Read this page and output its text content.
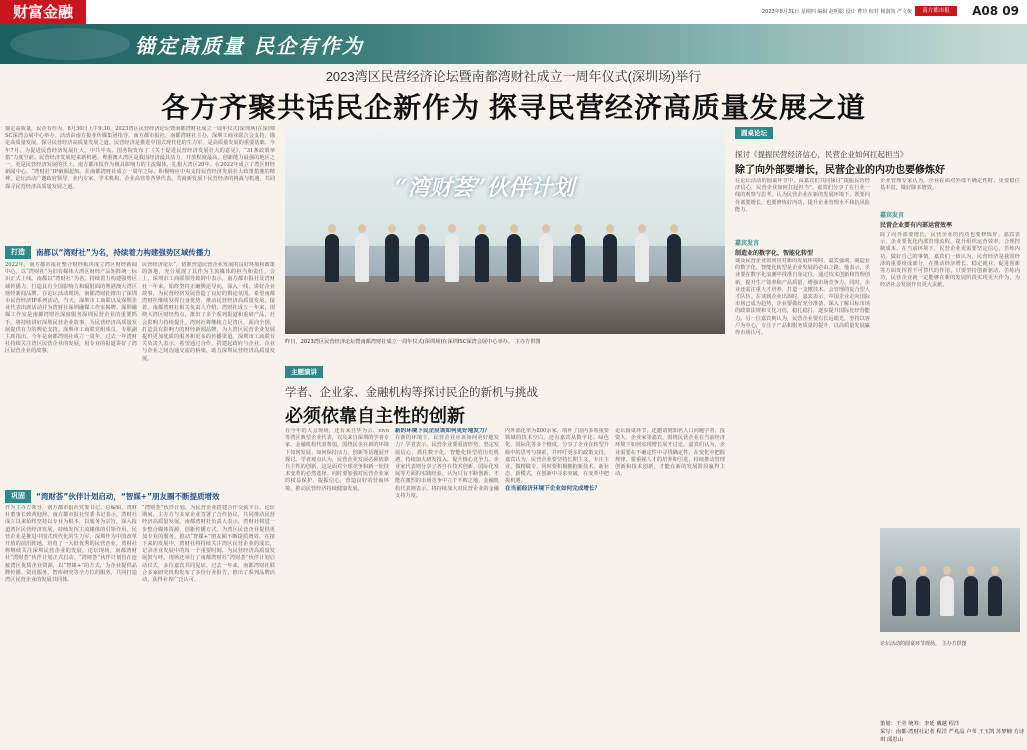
财富金融	2023年8月31日 星期四 编辑 赵明聪 设计 曹玲 校对 杨润凯 严文俊	南方都市报	A08 09
锚定高质量 民企有作为
2023湾区民营经济论坛暨南都湾财社成立一周年仪式(深圳场)举行
各方齐聚共话民企新作为 探寻民营经济高质量发展之道
锚定高质量，民企有作为。8月30日上午9:30，2023湾区民营经济论坛暨南都湾财社成立一周年仪式(深圳场)在深圳ISC深湾会展中心举办。活动由南方报业传媒集团指导，南方都市报社、南都湾财社主办，深圳工商业联合会支持，锚定高质量发展，探寻民营经济高质量发展之道。民营经济是推进中国式现代化的生力军，是高质量发展的重要基础。今年7月，为促进民营经济发展壮大，中共中央、国务院发布了《关于促进民营经济发展壮大的意见》，“31条政策举措”力度空前。民营经济发展迎来新机遇。粤港澳大湾区是我国经济最具活力、开放程度最高、创新能力最强的地区之一，更是民营经济发展的沃土。南方都市报作为极具影响力的主流媒体，扎根大湾区20年。在2022年成立了湾区财经新闻中心，“湾财社”IP破圈起航。在南都湾财社成立一周年之际，积极响应中央支持民营经济发展壮大政策措施的精神，论坛活动广邀政府领导、业内专家、学术机构、企业高管等各界代表，共商新发展下民营经济的挑战与机遇，共同探寻民营经济高质量发展之道。
打造	南都以“湾财社”为名，持续着力构建强势区域传播力
2022年，南方都市报社整合财经板块成立湾区财经新闻中心，以“湾财社”为旧有媒体大湾区财经产品矩阵统一标识正式上线。南都以“湾财社”为名，持续着力构建强势区域传播力，打造具有全国影响力和辐射面的粤港澳大湾区财经新闻品牌。在论坛活动现场，南都湾财社推出了深圳市民营经济IP系列活动。当天，深圳市工商联以及深圳企业代表出席活动并为湾财社深圳融媒工作室揭牌。深圳融媒工作室是南都湾财社深度服务深圳民营企业的重要抓手，将持续讲好深圳民营企业故事，为民营经济高质量发展提供有力的舆论支持。深圳市工商联党组成员、专职副主席指出，今年是南都湾财社成立一周年，过去一年湾财社持续关注湾区民营企业的发展，用专业的报道讲好了湾区民营企业的故事。
民营经济论坛”，切准营造民营企业发展的良好环境和政策的落地，充分展现了其作为主流媒体的担当和责任。会上，深圳市工商联领导致辞中表示，南方都市报社及湾财社一年来，始终坚持正确舆论导向，深入一线，讲好企业故事，为民营经济发展营造了良好的舆论氛围。希望南都湾财社继续发挥自身优势，推动民营经济高质量发展。接着，南都湾财社相关负责人介绍，湾财社成立一年来，围绕大湾区财经热点，推出了多个系列报道和重磅产品，社会影响力持续提升。湾财社将继续立足湾区，面向全国，打造具有影响力的财经新闻品牌，为大湾区民营企业发展提供更加优质的服务和更多的传播渠道。深圳市工商联有关负责人表示，希望通过合作，搭建起政府与企业、企业与企业之间沟通交流的桥梁，助力深圳民营经济高质量发展。
巩固	“湾财荟”伙伴计划启动，“智媒+”朋友圈不断提质增效
作为主办方领导，南方都市报社党委书记、总编辑、湾财社董事长致欢迎辞。南方都市报社党委书记表示，湾财社成立以来始终坚持以专业为根本，以服务为宗旨，深入报道湾区民营经济发展，持续发挥主流媒体的引领作用。民营企业是推进中国式现代化的生力军，深圳作为中国改革开放的前沿阵地，培育了一大批优秀的民营企业，湾财社将继续关注深圳民营企业的发展。论坛现场，南都湾财社“湾财荟”伙伴计划正式启动。“湾财荟”伙伴计划旨在连接湾区优质企业资源，以“智媒+”的方式，为企业提供品牌传播、资讯服务、智库研究等全方位的服务，共同打造湾区民营企业的发展共同体。
“湾财荟”伙伴计划，为民营企业搭建合作交流平台。论坛期间，主办方与多家企业签署了合作协议，共同推动民营经济高质量发展。南都湾财社负责人表示，湾财社将进一步整合媒体资源，创新传播方式，为湾区民营企业提供更加专业的服务，推动“智媒+”朋友圈不断提质增效。在接下来的发展中，湾财社将持续关注湾区民营企业的成长，记录企业发展中的每一个重要时刻，为民营经济高质量发展鼓与呼。现场还举行了南都湾财社“湾财荟”伙伴计划启动仪式，多位嘉宾共同见证。过去一年来，南都湾财社联合多家研究机构发布了多份行业报告，推出了系列品牌活动，获得业界广泛认可。
“湾财荟”伙伴计划
昨日，2023湾区民营经济论坛暨南都湾财社成立一周年仪式(深圳场)在深圳ISC深湾会展中心举办。 主办方供图
主题演讲
学者、企业家、金融机构等探讨民企的新机与挑战
必须依靠自主性的创新
在今年的大会现场，还有来自华为云、vivo等湾区典型企业代表，以及来自深圳的学者专家、金融机构代表参加，围绕民企在新的环境下如何发展、如何保持活力、创新等话题展开探讨。学者观点认为，民营企业发展必须依靠自主性的创新，这是面对全球竞争和新一轮技术变革的必然选择。同时要加强对民营企业家的权益保护，提振信心，营造良好的营商环境，推动民营经济持续健康发展。
新的环境下民企应该如何更好地发力？
在新的环境下，民营企业应该如何更好地发力？学者表示，民营企业要看清形势，坚定发展信心，抓住数字化、智能化转型的历史机遇，持续加大研发投入，提升核心竞争力。企业家代表则分享了各自在技术创新、国际化发展等方面的实践经验，认为只有不断创新，才能在激烈的市场竞争中立于不败之地。金融机构代表则表示，将持续加大对民营企业的金融支持力度。
内外部化率为800余家，填补了国内多项重要领域的技术空白。还有嘉宾从数字化、绿色化、国际化等多个维度，分享了企业在转型升级中的思考与探索，并呼吁更多的政策支持。嘉宾认为，民营企业要坚持长期主义，专注主业，做精做专，同时要积极拥抱新技术、新业态、新模式，在创新中寻求突破，在变革中把握机遇。
在当前经济环境下企业如何完成增长？
论坛圆桌环节，还邀请到知名人口问题学者、投资人、企业家等嘉宾，围绕民营企业在当前经济环境下如何实现增长展开讨论。嘉宾们认为，企业需要在不确定性中寻找确定性，在变化中把握规律，要重视人才的培养和引进，持续推动管理创新和技术创新，才能在新的发展阶段赢得主动。
圆桌论坛
探讨《提振民营经济信心，民营企业如何扛起担当》
除了向外部要增长，民营企业的内功也要修炼好
在论坛活动的圆桌环节中，由嘉宾们共同探讨“提振民营经济信心，民营企业如何扛起担当”。嘉宾们分享了在行业一线的观察与思考，认为民营企业在新的发展环境下，既要向外部要增长，也要修炼好内功，提升企业管理水平和抗风险能力。
企业管理专家认为，企业在面对外部不确定性时，更要稳住基本盘，做好降本增效。
嘉宾发言
制造业的数字化、智能化转型
嘉宾发言
民营企业要有内部运营效率
谈及民营企业如何应对新的发展环境时，嘉宾强调，制造业的数字化、智能化转型是企业发展的必由之路。他表示，企业要在数字化浪潮中找准自身定位，通过技术创新和管理创新，提升生产效率和产品质量，增强市场竞争力。同时，企业还需注重人才培养，打造一支懂技术、会管理的复合型人才队伍。在谈到企业出海时，嘉宾表示，中国企业走向国际市场已成为趋势，企业要做好充分准备，深入了解目标市场的政策法规和文化习俗，稳扎稳打，逐步提升国际化经营能力。另一位嘉宾则认为，民营企业要有长远眼光，坚持以客户为中心，专注于产品和服务质量的提升，以高质量发展赢得市场认可。
除了向外部要增长，民营企业的内功也要修炼好。嘉宾表示，企业要优化内部管理流程，提升组织运营效率，合理控制成本。在当前环境下，民营企业更需要坚定信心，苦练内功，做好自己的事情。嘉宾们一致认为，民营经济是我国经济的重要组成部分，在推动经济增长、稳定就业、促进创新等方面发挥着不可替代的作用。只要坚持创新驱动、苦练内功，民营企业就一定能够在新的发展阶段实现更大作为，为经济社会发展作出更大贡献。
论坛活动的圆桌环节现场。 主办方供图
策划：王莹 统筹：李延 戴越 程洋
采写：南都·湾财社记者 程洋 严兆晶 卢苇 王玉凯 苏梦楠 方诗琪 邱思山
